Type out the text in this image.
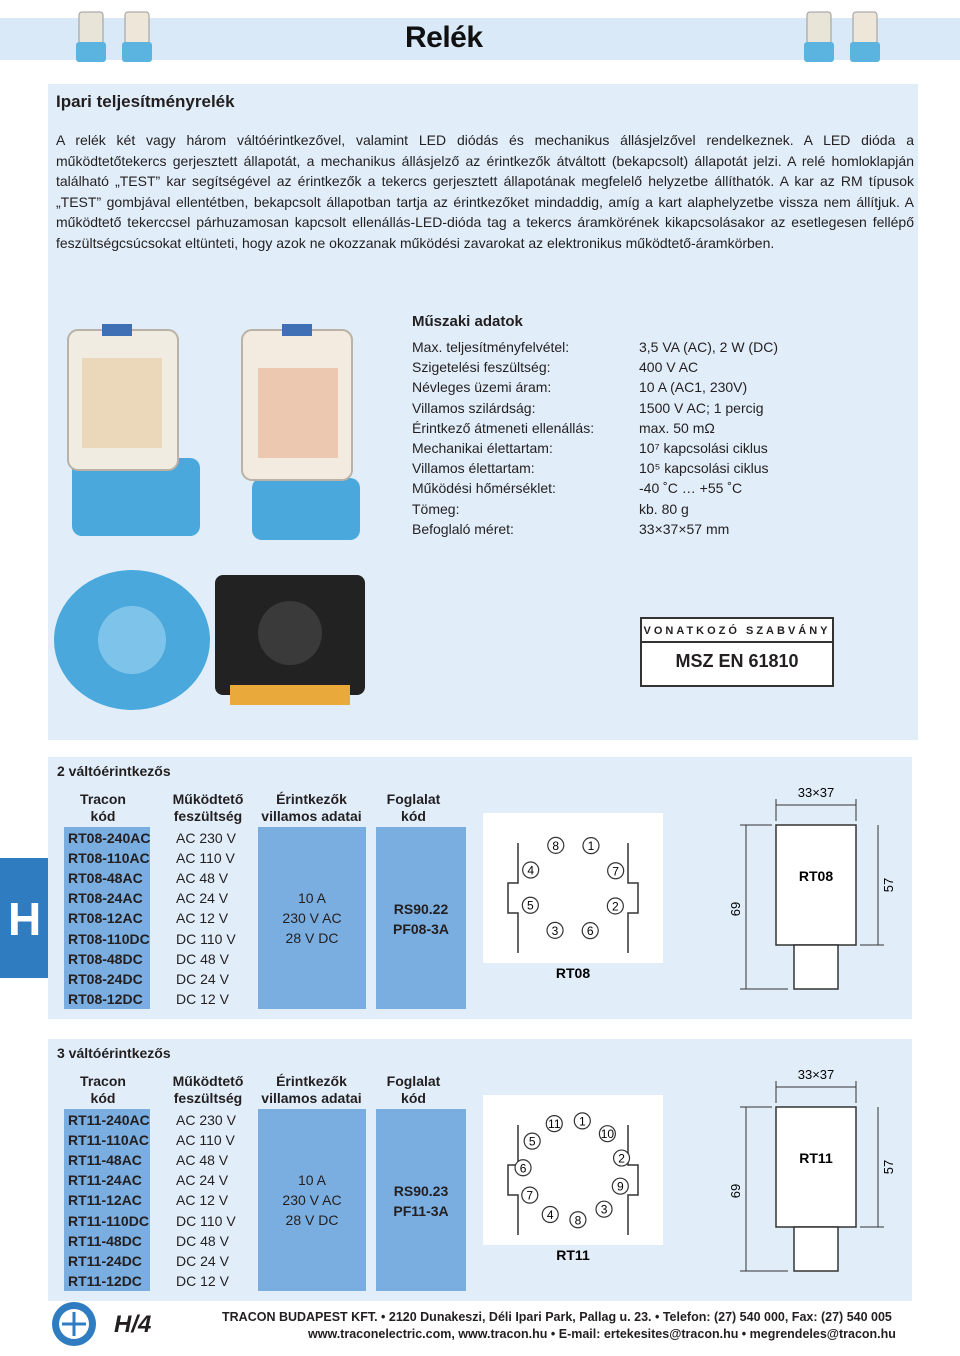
Relék
Ipari teljesítményrelék

A relék két vagy három váltóérintkezővel, valamint LED diódás és mechanikus állásjelzővel rendelkeznek. A LED dióda a működtetőtekercs gerjesztett állapotát, a mechanikus állásjelző az érintkezők átváltott (bekapcsolt) állapotát jelzi. A relé homloklapján található „TEST” kar segítségével az érintkezők a tekercs gerjesztett állapotának megfelelő helyzetbe állíthatók. A kar az RM típusok „TEST” gombjával ellentétben, bekapcsolt állapotban tartja az érintkezőket mindaddig, amíg a kart alaphelyzetbe vissza nem állítjuk. A működtető tekerccsel párhuzamosan kapcsolt ellenállás-LED-dióda tag a tekercs áramkörének kikapcsolásakor az esetlegesen fellépő feszültségcsúcsokat eltünteti, hogy azok ne okozzanak működési zavarokat az elektronikus működtető-áramkörben.

Műszaki adatok
Max. teljesítményfelvétel:	3,5 VA (AC), 2 W (DC)
Szigetelési feszültség:	400 V AC
Névleges üzemi áram:	10 A (AC1, 230V)
Villamos szilárdság:	1500 V AC; 1 percig
Érintkező átmeneti ellenállás:	max. 50 mΩ
Mechanikai élettartam:	10⁷ kapcsolási ciklus
Villamos élettartam:	10⁵ kapcsolási ciklus
Működési hőmérséklet:	-40 ˚C … +55 ˚C
Tömeg:	kb. 80 g
Befoglaló méret:	33×37×57 mm
VONATKOZÓ SZABVÁNY
MSZ EN 61810
H
2 váltóérintkezős
Tracon
kód
Működtető
feszültség
Érintkezők
villamos adatai
Foglalat
kód
RT08-240AC AC 230 V
RT08-110AC AC 110 V
RT08-48AC AC 48 V
RT08-24AC AC 24 V
RT08-12AC AC 12 V
RT08-110DC DC 110 V
RT08-48DC DC 48 V
RT08-24DC DC 24 V
RT08-12DC DC 12 V
10 A
230 V AC
28 V DC
RS90.22
PF08-3A
8 1
7
2
6
3
5
4
RT08
33×37
69
57
RT08
3 váltóérintkezős
Tracon
kód
Működtető
feszültség
Érintkezők
villamos adatai
Foglalat
kód
RT11-240AC AC 230 V
RT11-110AC AC 110 V
RT11-48AC AC 48 V
RT11-24AC AC 24 V
RT11-12AC AC 12 V
RT11-110DC DC 110 V
RT11-48DC DC 48 V
RT11-24DC DC 24 V
RT11-12DC DC 12 V
10 A
230 V AC
28 V DC
RS90.23
PF11-3A
11 1
10
2
9
3
8
4
7
6
5
RT11
33×37
69
57
RT11
H/4	TRACON BUDAPEST KFT. • 2120 Dunakeszi, Déli Ipari Park, Pallag u. 23. • Telefon: (27) 540 000, Fax: (27) 540 005
www.traconelectric.com, www.tracon.hu • E-mail: ertekesites@tracon.hu • megrendeles@tracon.hu
